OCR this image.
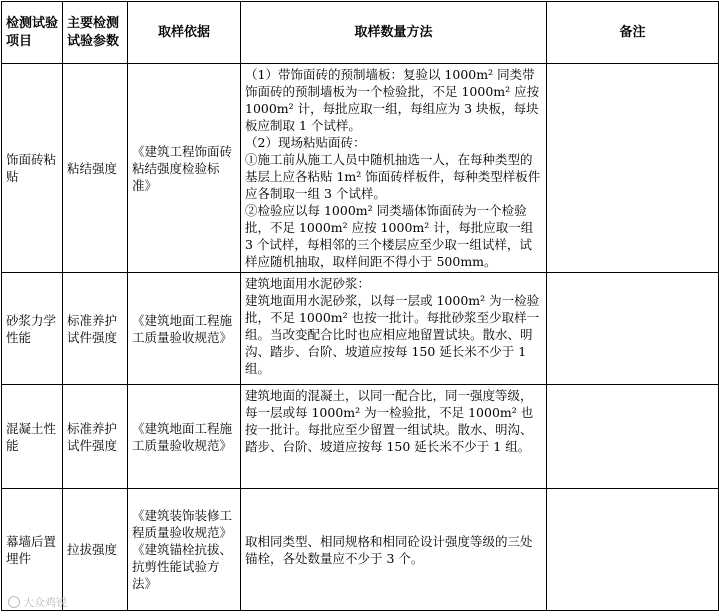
检测试验项目	主要检测试验参数	取样依据	取样数量方法	备注
饰面砖粘贴	粘结强度	《建筑工程饰面砖粘结强度检验标准》	（1）带饰面砖的预制墙板：复验以 1000m² 同类带饰面砖的预制墙板为一个检验批，不足 1000m² 应按 1000m² 计，每批应取一组，每组应为 3 块板，每块板应制取 1 个试样。
（2）现场粘贴面砖：
①施工前从施工人员中随机抽选一人，在每种类型的基层上应各粘贴 1m² 饰面砖样板件，每种类型样板件应各制取一组 3 个试样。
②检验应以每 1000m² 同类墙体饰面砖为一个检验批，不足 1000m² 应按 1000m² 计，每批应取一组 3 个试样，每相邻的三个楼层应至少取一组试样，试样应随机抽取，取样间距不得小于 500mm。	

砂浆力学性能	标准养护试件强度	《建筑地面工程施工质量验收规范》	建筑地面用水泥砂浆：
建筑地面用水泥砂浆，以每一层或 1000m² 为一检验批，不足 1000m² 也按一批计。每批砂浆至少取样一组。当改变配合比时也应相应地留置试块。散水、明沟、踏步、台阶、坡道应按每 150 延长米不少于 1 组。	

混凝土性能	标准养护试件强度	《建筑地面工程施工质量验收规范》	建筑地面的混凝土，以同一配合比，同一强度等级，每一层或每 1000m² 为一检验批，不足 1000m² 也按一批计。每批应至少留置一组试块。散水、明沟、踏步、台阶、坡道应按每 150 延长米不少于 1 组。	

幕墙后置埋件	拉拔强度	《建筑装饰装修工程质量验收规范》《建筑锚栓抗拔、抗剪性能试验方法》	取相同类型、相同规格和相同砼设计强度等级的三处锚栓，各处数量应不少于 3 个。	

大众鸡锐
